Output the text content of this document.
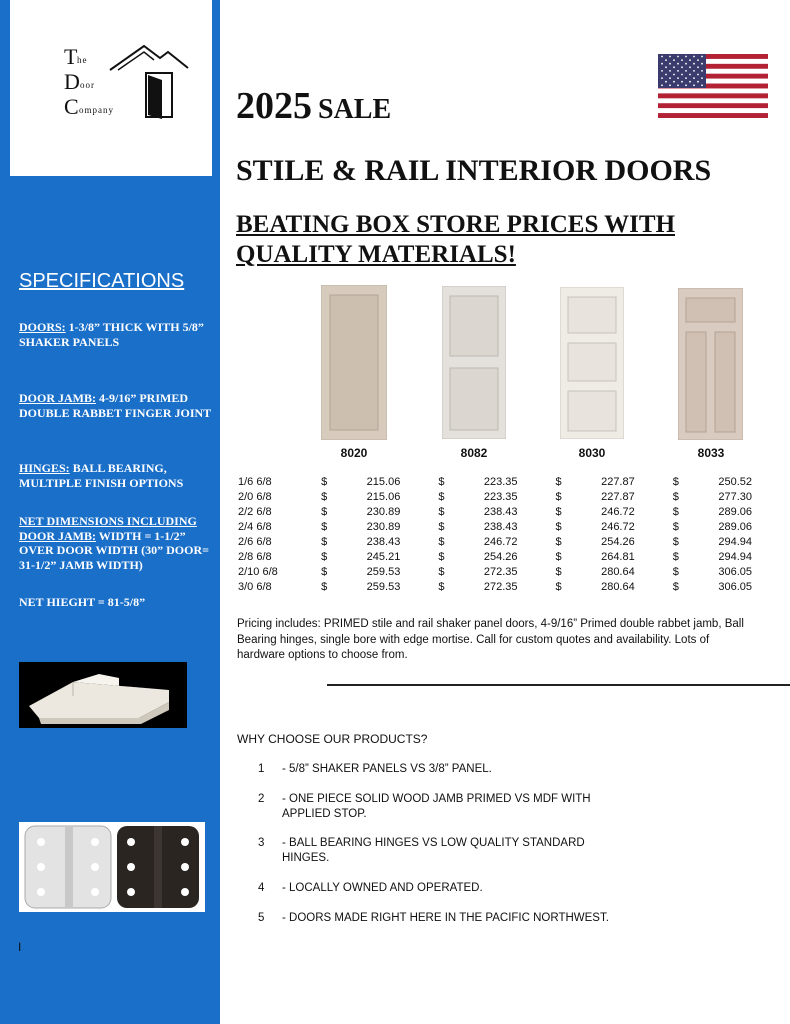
T he
D oor
C ompany
SPECIFICATIONS
DOORS: 1-3/8” THICK WITH 5/8” SHAKER PANELS
DOOR JAMB: 4-9/16” PRIMED DOUBLE RABBET FINGER JOINT
HINGES: BALL BEARING, MULTIPLE FINISH OPTIONS
NET DIMENSIONS INCLUDING DOOR JAMB: WIDTH = 1-1/2” OVER DOOR WIDTH (30” DOOR= 31-1/2” JAMB WIDTH)
NET HIEGHT = 81-5/8”
I
2025 SALE
STILE & RAIL INTERIOR DOORS
BEATING BOX STORE PRICES WITH QUALITY MATERIALS!
8020	8082	8030	8033
1/6 6/8	$	215.06	$	223.35	$	227.87	$	250.52
2/0 6/8	$	215.06	$	223.35	$	227.87	$	277.30
2/2 6/8	$	230.89	$	238.43	$	246.72	$	289.06
2/4 6/8	$	230.89	$	238.43	$	246.72	$	289.06
2/6 6/8	$	238.43	$	246.72	$	254.26	$	294.94
2/8 6/8	$	245.21	$	254.26	$	264.81	$	294.94
2/10 6/8	$	259.53	$	272.35	$	280.64	$	306.05
3/0 6/8	$	259.53	$	272.35	$	280.64	$	306.05
Pricing includes: PRIMED stile and rail shaker panel doors, 4-9/16” Primed double rabbet jamb, Ball Bearing hinges, single bore with edge mortise. Call for custom quotes and availability. Lots of hardware options to choose from.
WHY CHOOSE OUR PRODUCTS?
1 - 5/8” SHAKER PANELS VS 3/8” PANEL.
2 - ONE PIECE SOLID WOOD JAMB PRIMED VS MDF WITH APPLIED STOP.
3 - BALL BEARING HINGES VS LOW QUALITY STANDARD HINGES.
4 - LOCALLY OWNED AND OPERATED.
5 - DOORS MADE RIGHT HERE IN THE PACIFIC NORTHWEST.
